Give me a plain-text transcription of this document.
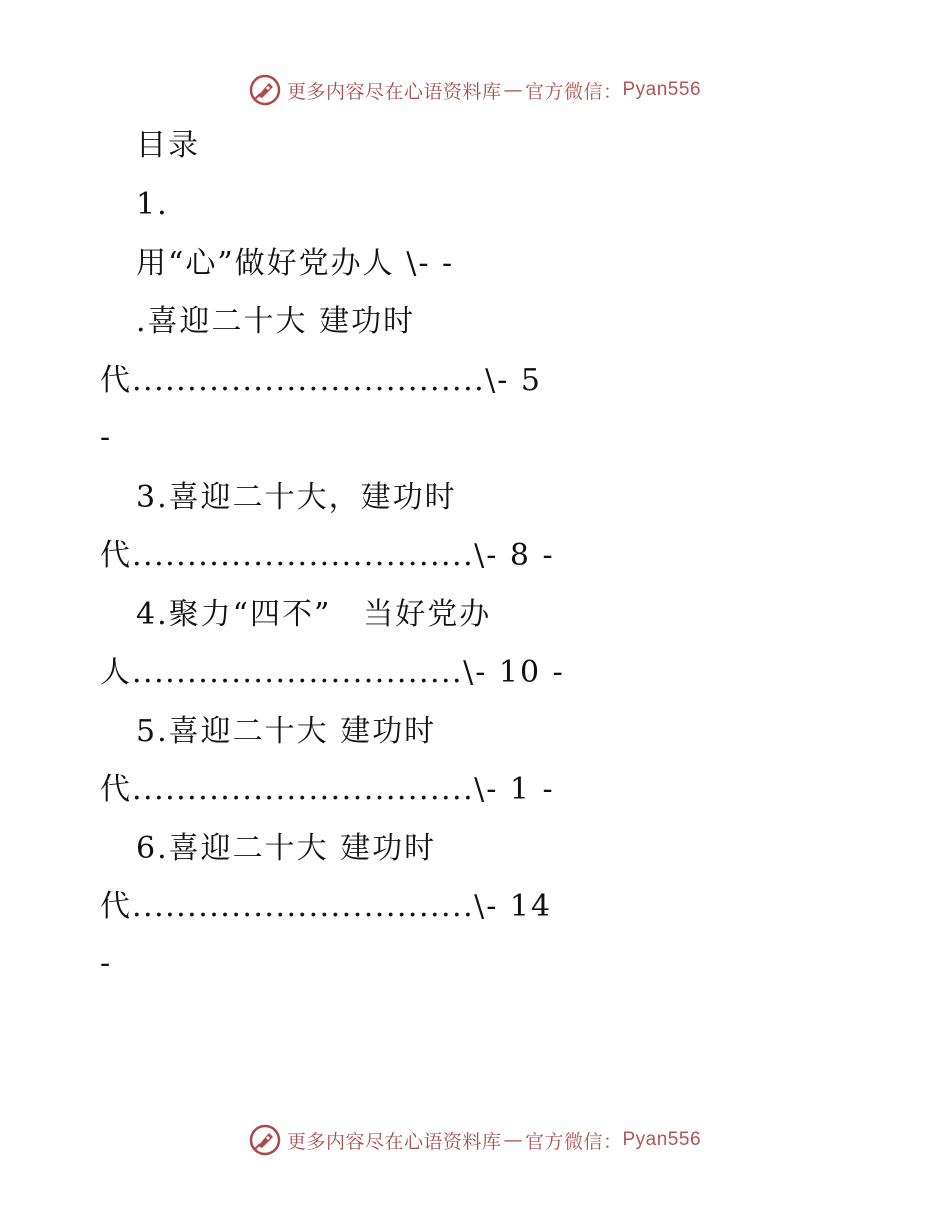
更多内容尽在心语资料库 — 官方微信： Pyan556
目录
1.
用“心”做好党办人 \- -
.喜迎二十大 建功时
代 ................................ \- 5
-
3.喜迎二十大，建功时
代 ............................... \- 8 -
4.聚力“四不”　当好党办
人 .............................. \- 10 -
5.喜迎二十大 建功时
代 ............................... \- 1 -
6.喜迎二十大 建功时
代 ............................... \- 14
-
更多内容尽在心语资料库 — 官方微信： Pyan556
